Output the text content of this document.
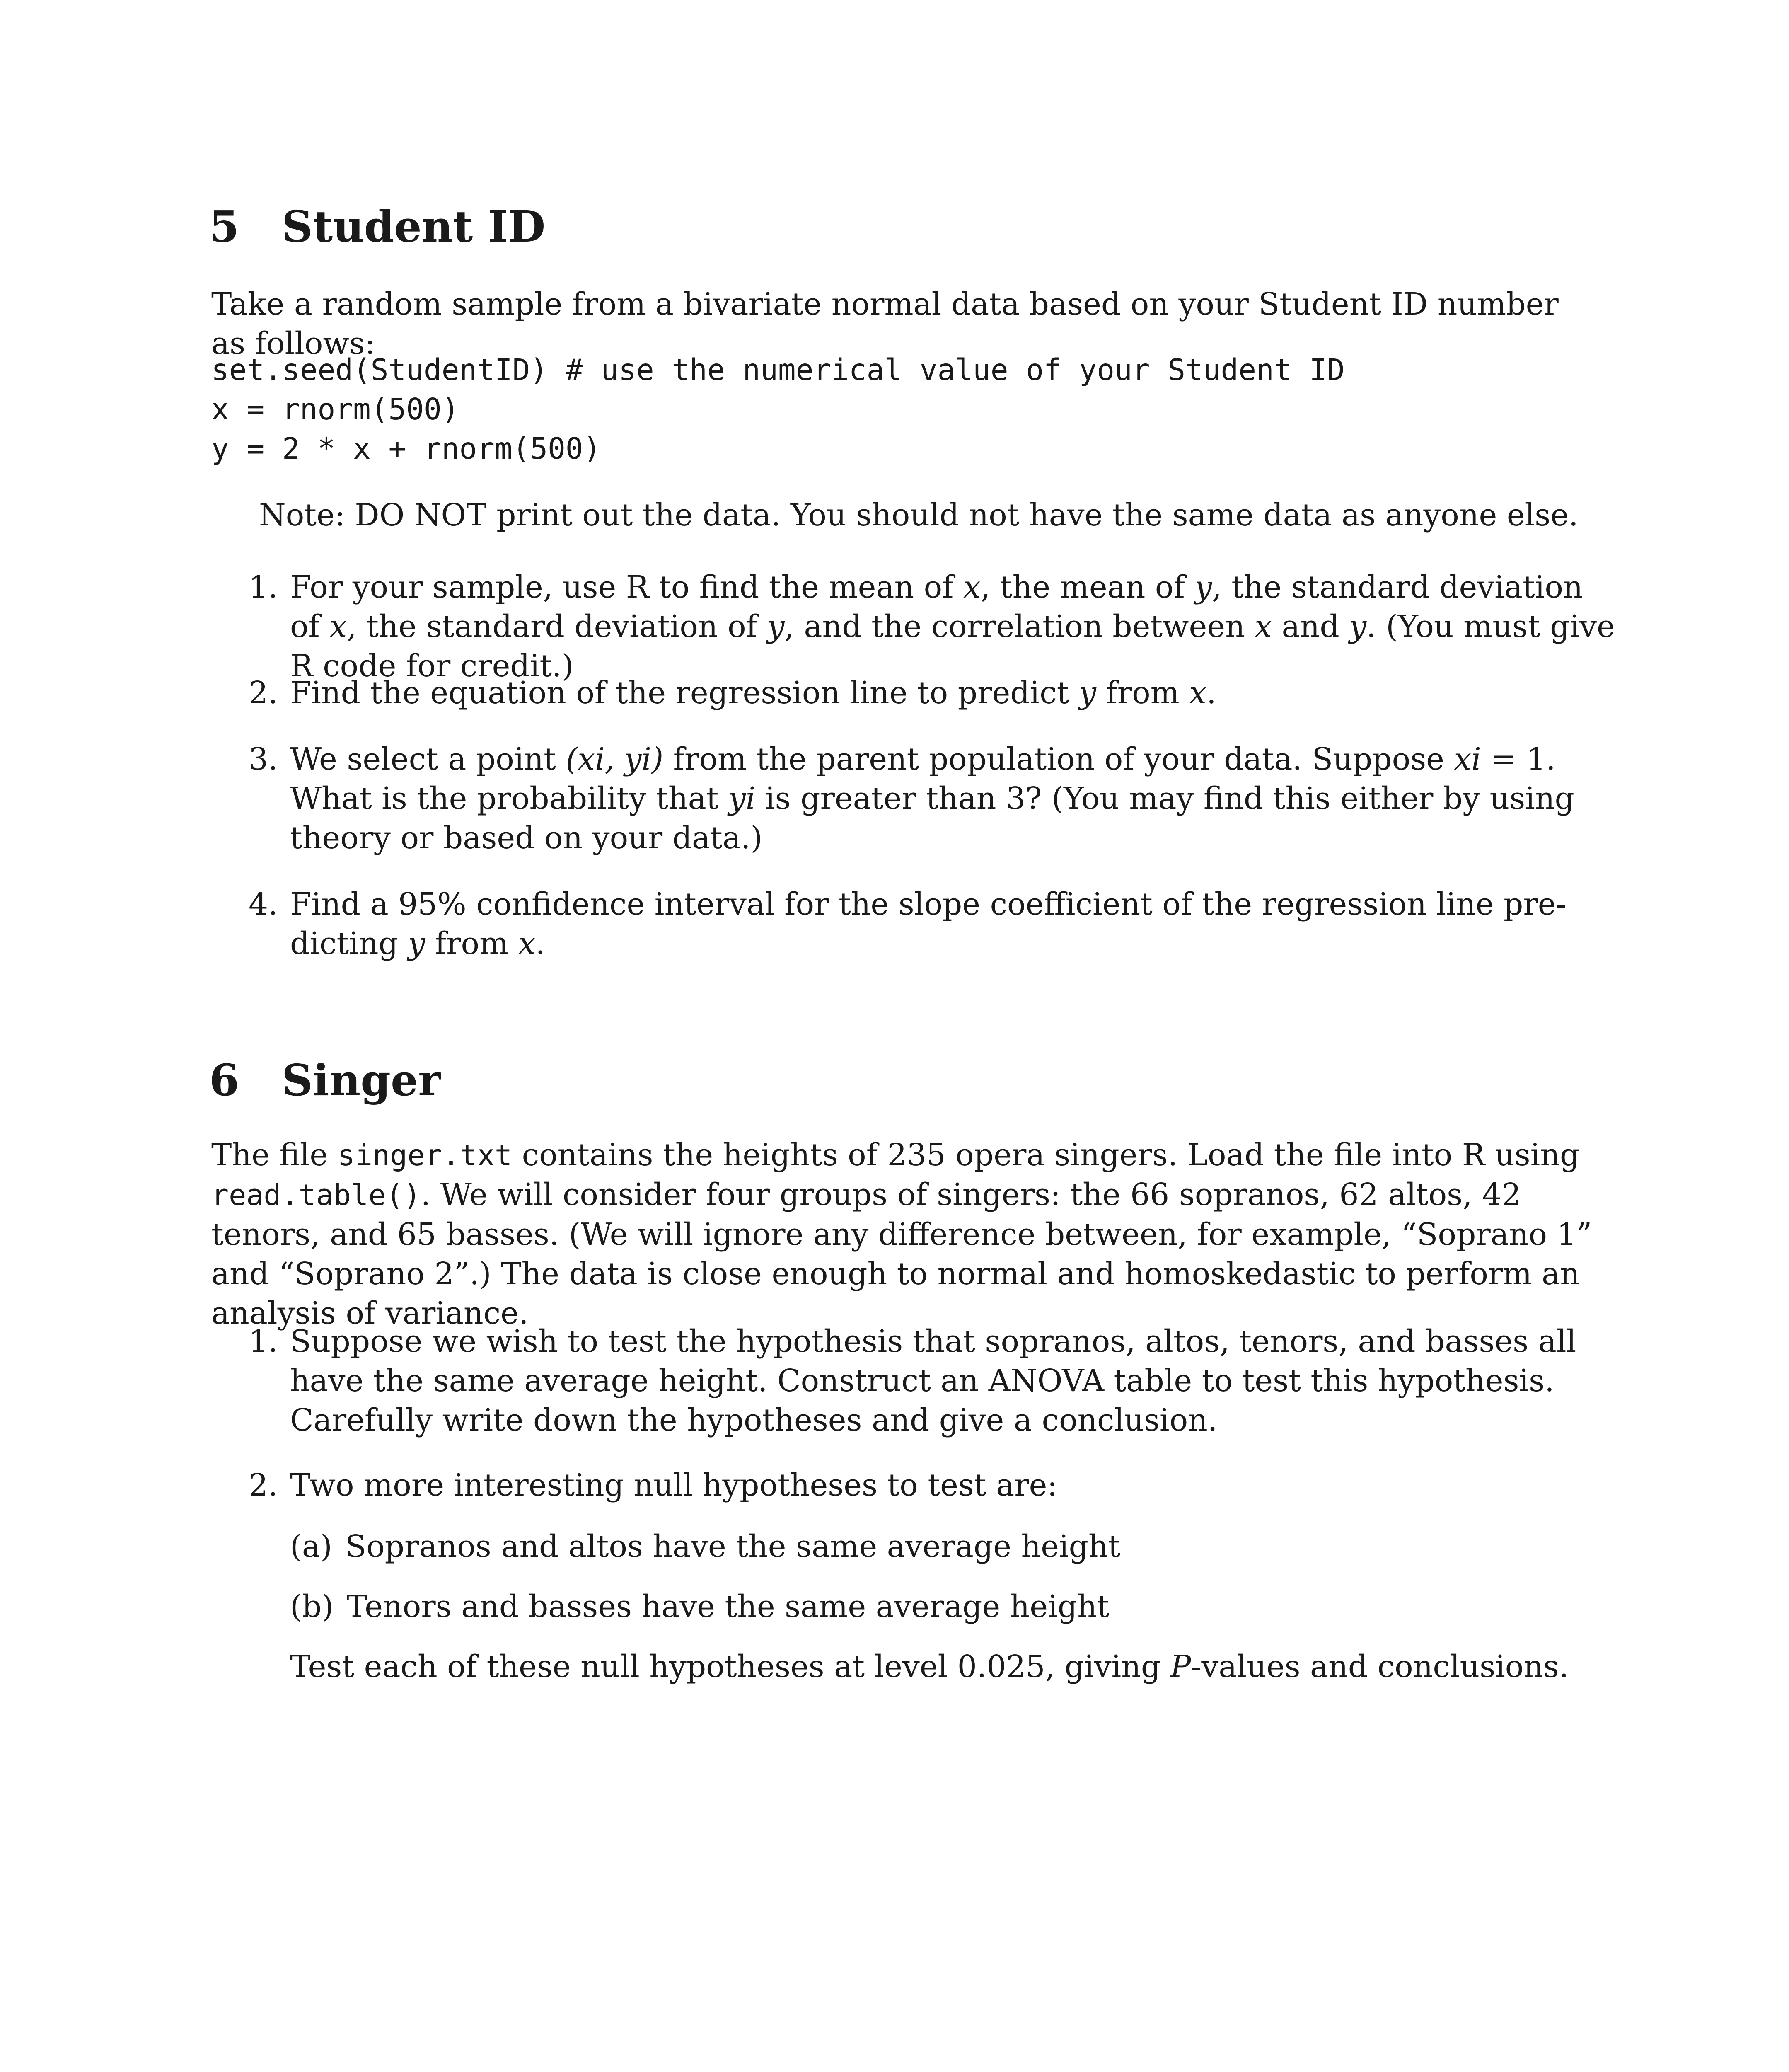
5 Student ID

Take a random sample from a bivariate normal data based on your Student ID number as follows:

set.seed(StudentID) # use the numerical value of your Student ID
x = rnorm(500)
y = 2 * x + rnorm(500)

Note: DO NOT print out the data. You should not have the same data as anyone else.

1. For your sample, use R to find the mean of x, the mean of y, the standard deviation of x, the standard deviation of y, and the correlation between x and y. (You must give R code for credit.)
2. Find the equation of the regression line to predict y from x.
3. We select a point (xi, yi) from the parent population of your data. Suppose xi = 1. What is the probability that yi is greater than 3? (You may find this either by using theory or based on your data.)
4. Find a 95% confidence interval for the slope coefficient of the regression line pre-dicting y from x.
6 Singer

The file singer.txt contains the heights of 235 opera singers. Load the file into R using read.table(). We will consider four groups of singers: the 66 sopranos, 62 altos, 42 tenors, and 65 basses. (We will ignore any difference between, for example, “Soprano 1” and “Soprano 2”.) The data is close enough to normal and homoskedastic to perform an analysis of variance.

1. Suppose we wish to test the hypothesis that sopranos, altos, tenors, and basses all have the same average height. Construct an ANOVA table to test this hypothesis. Carefully write down the hypotheses and give a conclusion.
2. Two more interesting null hypotheses to test are:
(a) Sopranos and altos have the same average height
(b) Tenors and basses have the same average height

Test each of these null hypotheses at level 0.025, giving P-values and conclusions.
